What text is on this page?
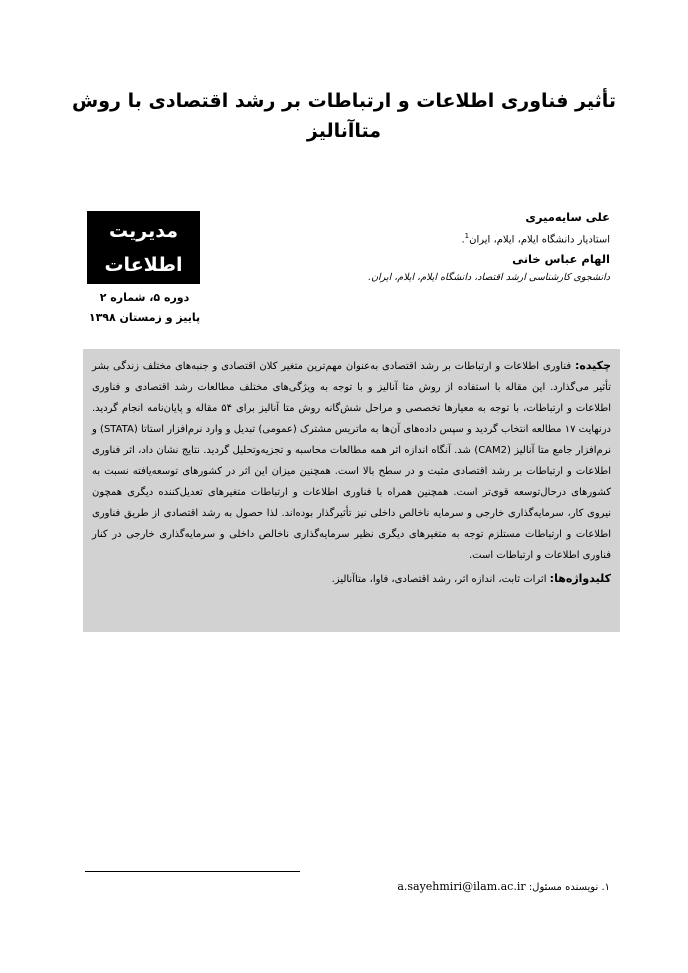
تأثیر فناوری اطلاعات و ارتباطات بر رشد اقتصادی با روش متاآنالیز
مدیریت
اطلاعات
دوره ۵، شماره ۲
پاییز و زمستان ۱۳۹۸
علی سایه‌میری
استادیار دانشگاه ایلام، ایلام، ایران$^1$.
الهام عباس خانی
دانشجوی کارشناسی ارشد اقتصاد، دانشگاه ایلام، ایلام، ایران.
چکیده: فناوری اطلاعات و ارتباطات بر رشد اقتصادی به‌عنوان مهم‌ترین متغیر کلان اقتصادی و جنبه‌های مختلف زندگی بشر تأثیر می‌گذارد. این مقاله با استفاده از روش متا آنالیز و با توجه به ویژگی‌های مختلف مطالعات رشد اقتصادی و فناوری اطلاعات و ارتباطات، با توجه به معیارها تخصصی و مراحل شش‌گانه روش متا آنالیز برای ۵۴ مقاله و پایان‌نامه انجام گردید. درنهایت ۱۷ مطالعه انتخاب گردید و سپس داده‌های آن‌ها به ماتریس مشترک (عمومی) تبدیل و وارد نرم‌افزار استاتا (STATA) و نرم‌افزار جامع متا آنالیز (CAM2) شد. آنگاه اندازه اثر همه مطالعات محاسبه و تجزیه‌وتحلیل گردید. نتایج نشان داد، اثر فناوری اطلاعات و ارتباطات بر رشد اقتصادی مثبت و در سطح بالا است. همچنین میزان این اثر در کشورهای توسعه‌یافته نسبت به کشورهای درحال‌توسعه قوی‌تر است. همچنین همراه با فناوری اطلاعات و ارتباطات متغیرهای تعدیل‌کننده دیگری همچون نیروی کار، سرمایه‌گذاری خارجی و سرمایه ناخالص داخلی نیز تأثیرگذار بوده‌اند. لذا حصول به رشد اقتصادی از طریق فناوری اطلاعات و ارتباطات مستلزم توجه به متغیرهای دیگری نظیر سرمایه‌گذاری ناخالص داخلی و سرمایه‌گذاری خارجی در کنار فناوری اطلاعات و ارتباطات است.
کلیدواژه‌ها: اثرات ثابت، اندازه اثر، رشد اقتصادی، فاوا، متاآنالیز.
۱. نویسنده مسئول: a.sayehmiri@ilam.ac.ir
